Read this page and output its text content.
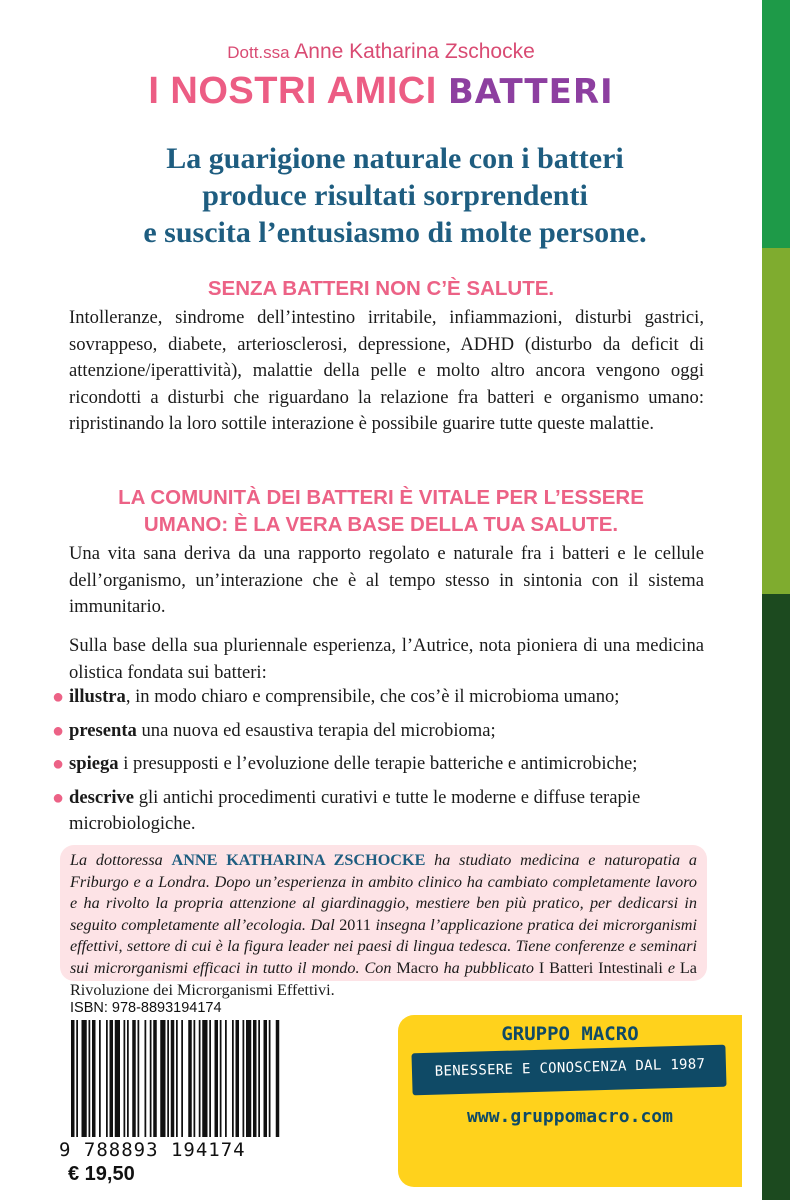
Dott.ssa Anne Katharina Zschocke
I NOSTRI AMICI BATTERI
La guarigione naturale con i batteri
produce risultati sorprendenti
e suscita l’entusiasmo di molte persone.
SENZA BATTERI NON C’È SALUTE.
Intolleranze, sindrome dell’intestino irritabile, infiammazioni, disturbi gastrici, sovrappeso, diabete, arteriosclerosi, depressione, ADHD (disturbo da deficit di attenzione/iperattività), malattie della pelle e molto altro ancora vengono oggi ricondotti a disturbi che riguardano la relazione fra batteri e organismo umano: ripristinando la loro sottile interazione è possibile guarire tutte queste malattie.
LA COMUNITÀ DEI BATTERI È VITALE PER L’ESSERE
UMANO: È LA VERA BASE DELLA TUA SALUTE.
Una vita sana deriva da una rapporto regolato e naturale fra i batteri e le cellule dell’organismo, un’interazione che è al tempo stesso in sintonia con il sistema immunitario.
Sulla base della sua pluriennale esperienza, l’Autrice, nota pioniera di una medicina olistica fondata sui batteri:
● illustra, in modo chiaro e comprensibile, che cos’è il microbioma umano;
● presenta una nuova ed esaustiva terapia del microbioma;
● spiega i presupposti e l’evoluzione delle terapie batteriche e antimicrobiche;
● descrive gli antichi procedimenti curativi e tutte le moderne e diffuse terapie microbiologiche.
La dottoressa ANNE KATHARINA ZSCHOCKE ha studiato medicina e naturopatia a Friburgo e a Londra. Dopo un’esperienza in ambito clinico ha cambiato completamente lavoro e ha rivolto la propria attenzione al giardinaggio, mestiere ben più pratico, per dedicarsi in seguito completamente all’ecologia. Dal 2011 insegna l’applicazione pratica dei microrganismi effettivi, settore di cui è la figura leader nei paesi di lingua tedesca. Tiene conferenze e seminari sui microrganismi efficaci in tutto il mondo. Con Macro ha pubblicato I Batteri Intestinali e La Rivoluzione dei Microrganismi Effettivi.
ISBN: 978-8893194174
9 788893 194174
€ 19,50
GRUPPO MACRO
BENESSERE E CONOSCENZA DAL 1987
www.gruppomacro.com
